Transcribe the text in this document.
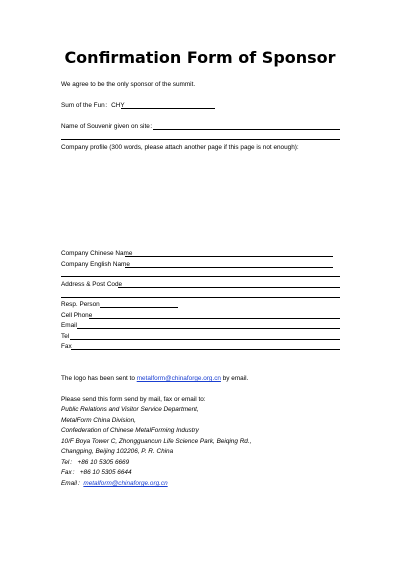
Confirmation Form of Sponsor
We agree to be the only sponsor of the summit.
Sum of the Fun：CHY
Name of Souvenir given on site：
Company profile (300 words, please attach another page if this page is not enough):
Company Chinese Name
Company English Name
Address & Post Code
Resp. Person
Cell Phone
Email
Tel
Fax
The logo has been sent to metalform@chinaforge.org.cn by email.
Please send this form send by mail, fax or email to:
Public Relations and Visitor Service Department,
MetalForm China Division,
Confederation of Chinese MetalForming Industry
10/F Boya Tower C, Zhongguancun Life Science Park, Beiqing Rd.,
Changping, Beijing 102206, P. R. China
Tel： +86 10 5305 6669
Fax： +86 10 5305 6644
Email：metalform@chinaforge.org.cn
